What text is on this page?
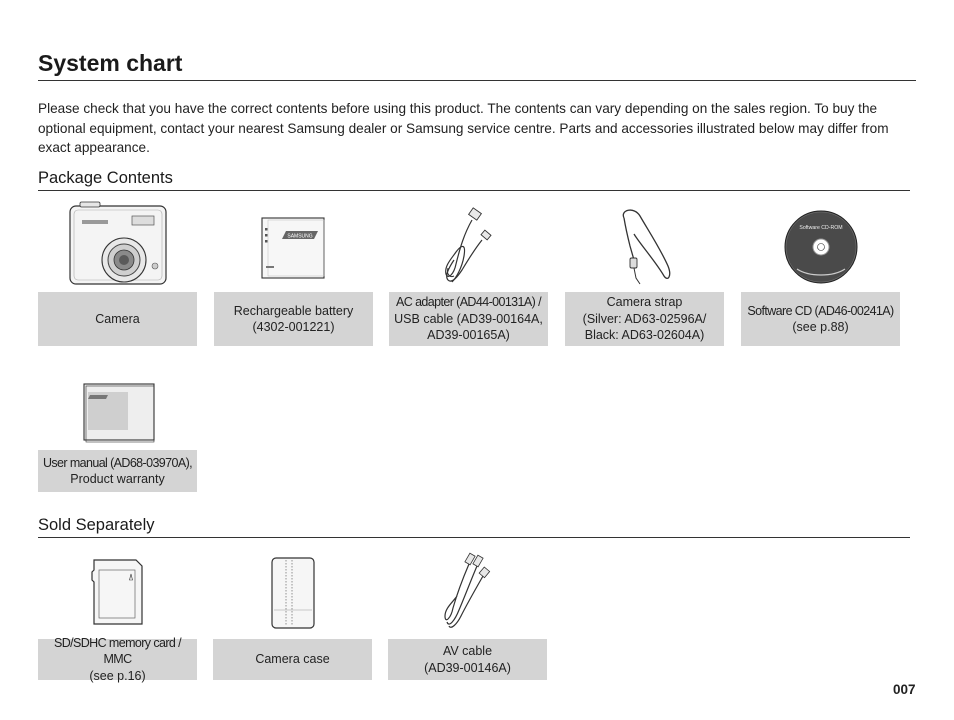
System chart

Please check that you have the correct contents before using this product. The contents can vary depending on the sales region. To buy the optional equipment, contact your nearest Samsung dealer or Samsung service centre. Parts and accessories illustrated below may differ from exact appearance.

Package Contents
Camera
SAMSUNG
Rechargeable battery
(4302-001221)
AC adapter (AD44-00131A) /
USB cable (AD39-00164A,
AD39-00165A)
Camera strap
(Silver: AD63-02596A/
Black: AD63-02604A)
Software CD-ROM
Software CD (AD46-00241A)
(see p.88)
User manual (AD68-03970A),
Product warranty
Sold Separately
SD/SDHC memory card / MMC
(see p.16)
Camera case
AV cable
(AD39-00146A)
007
